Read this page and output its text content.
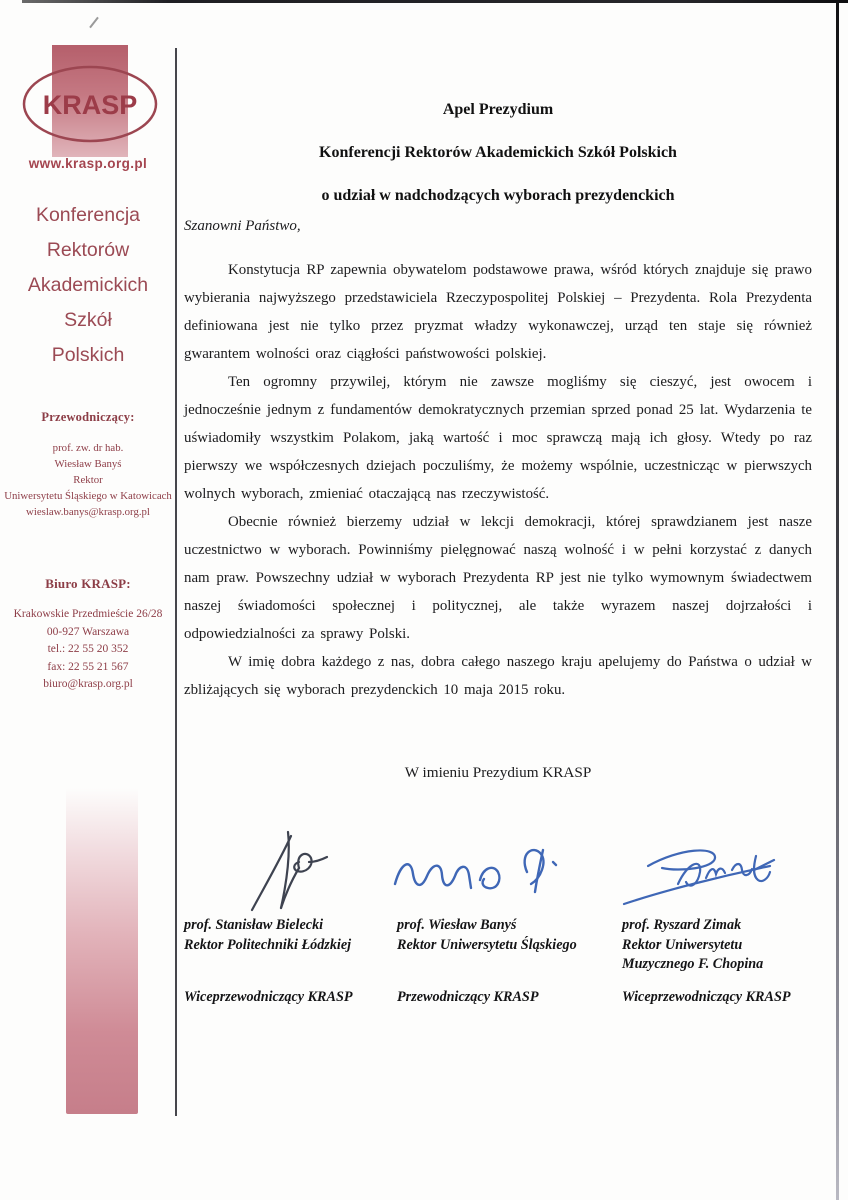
KRASP
www.krasp.org.pl
Konferencja
Rektorów
Akademickich
Szkół
Polskich
Przewodniczący:
prof. zw. dr hab.
Wiesław Banyś
Rektor
Uniwersytetu Śląskiego w Katowicach
wieslaw.banys@krasp.org.pl
Biuro KRASP:
Krakowskie Przedmieście 26/28
00-927 Warszawa
tel.: 22 55 20 352
fax: 22 55 21 567
biuro@krasp.org.pl
Apel Prezydium
Konferencji Rektorów Akademickich Szkół Polskich
o udział w nadchodzących wyborach prezydenckich
Szanowni Państwo,

Konstytucja RP zapewnia obywatelom podstawowe prawa, wśród których znajduje się prawo wybierania najwyższego przedstawiciela Rzeczypospolitej Polskiej – Prezydenta. Rola Prezydenta definiowana jest nie tylko przez pryzmat władzy wykonawczej, urząd ten staje się również gwarantem wolności oraz ciągłości państwowości polskiej.

Ten ogromny przywilej, którym nie zawsze mogliśmy się cieszyć, jest owocem i jednocześnie jednym z fundamentów demokratycznych przemian sprzed ponad 25 lat. Wydarzenia te uświadomiły wszystkim Polakom, jaką wartość i moc sprawczą mają ich głosy. Wtedy po raz pierwszy we współczesnych dziejach poczuliśmy, że możemy wspólnie, uczestnicząc w pierwszych wolnych wyborach, zmieniać otaczającą nas rzeczywistość.

Obecnie również bierzemy udział w lekcji demokracji, której sprawdzianem jest nasze uczestnictwo w wyborach. Powinniśmy pielęgnować naszą wolność i w pełni korzystać z danych nam praw. Powszechny udział w wyborach Prezydenta RP jest nie tylko wymownym świadectwem naszej świadomości społecznej i politycznej, ale także wyrazem naszej dojrzałości i odpowiedzialności za sprawy Polski.

W imię dobra każdego z nas, dobra całego naszego kraju apelujemy do Państwa o udział w zbliżających się wyborach prezydenckich 10 maja 2015 roku.

W imieniu Prezydium KRASP
prof. Stanisław Bielecki
Rektor Politechniki Łódzkiej
prof. Wiesław Banyś
Rektor Uniwersytetu Śląskiego
prof. Ryszard Zimak
Rektor Uniwersytetu Muzycznego F. Chopina
Wiceprzewodniczący KRASP	Przewodniczący KRASP	Wiceprzewodniczący KRASP
